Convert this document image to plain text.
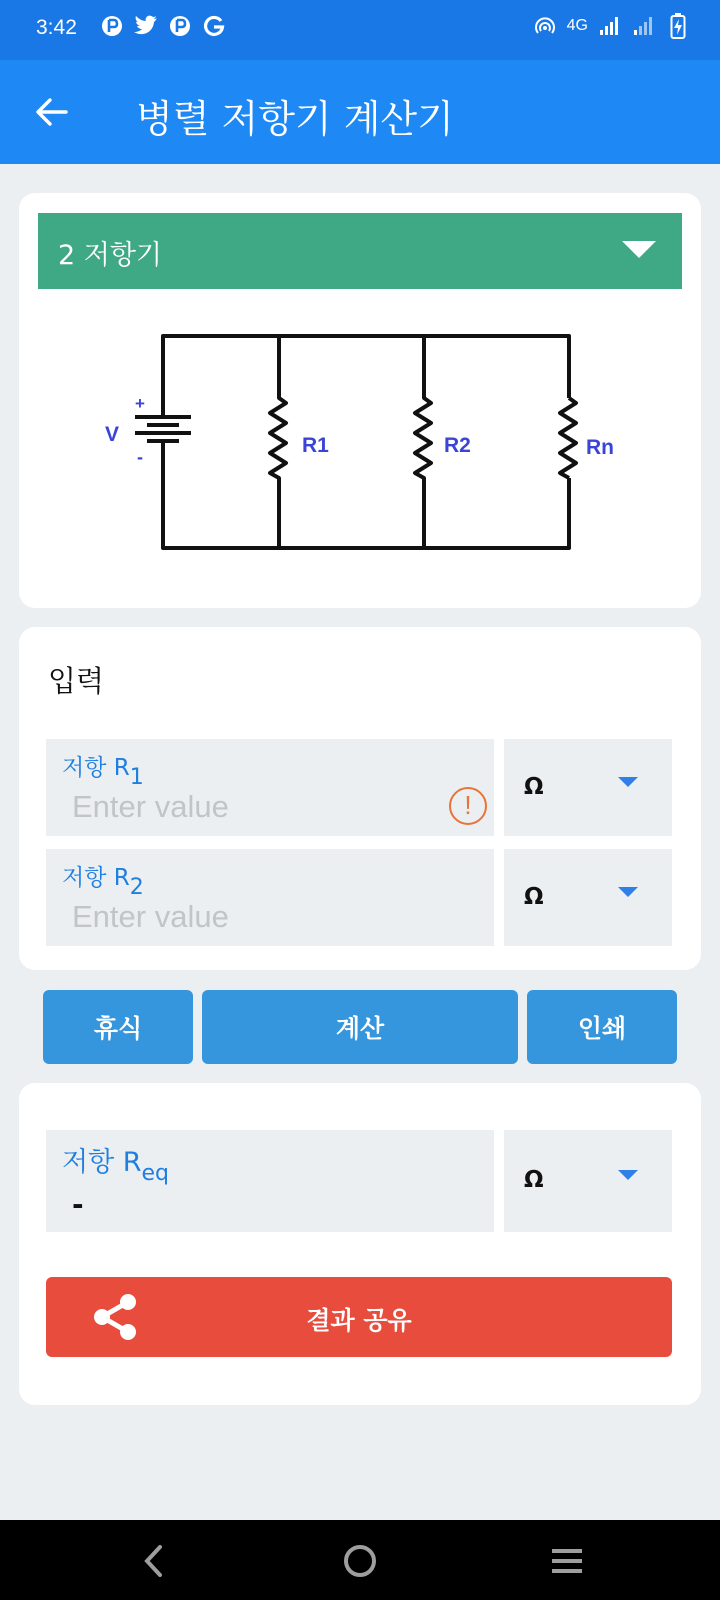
3:42	4G
병렬 저항기 계산기
2 저항기
+
-
V	R1	R2	Rn
입력
저항 $R_1$
Enter value
!
Ω
저항 $R_2$
Enter value	Ω
휴식	계산	인쇄
저항 $R_{eq}$
-
Ω
결과 공유
